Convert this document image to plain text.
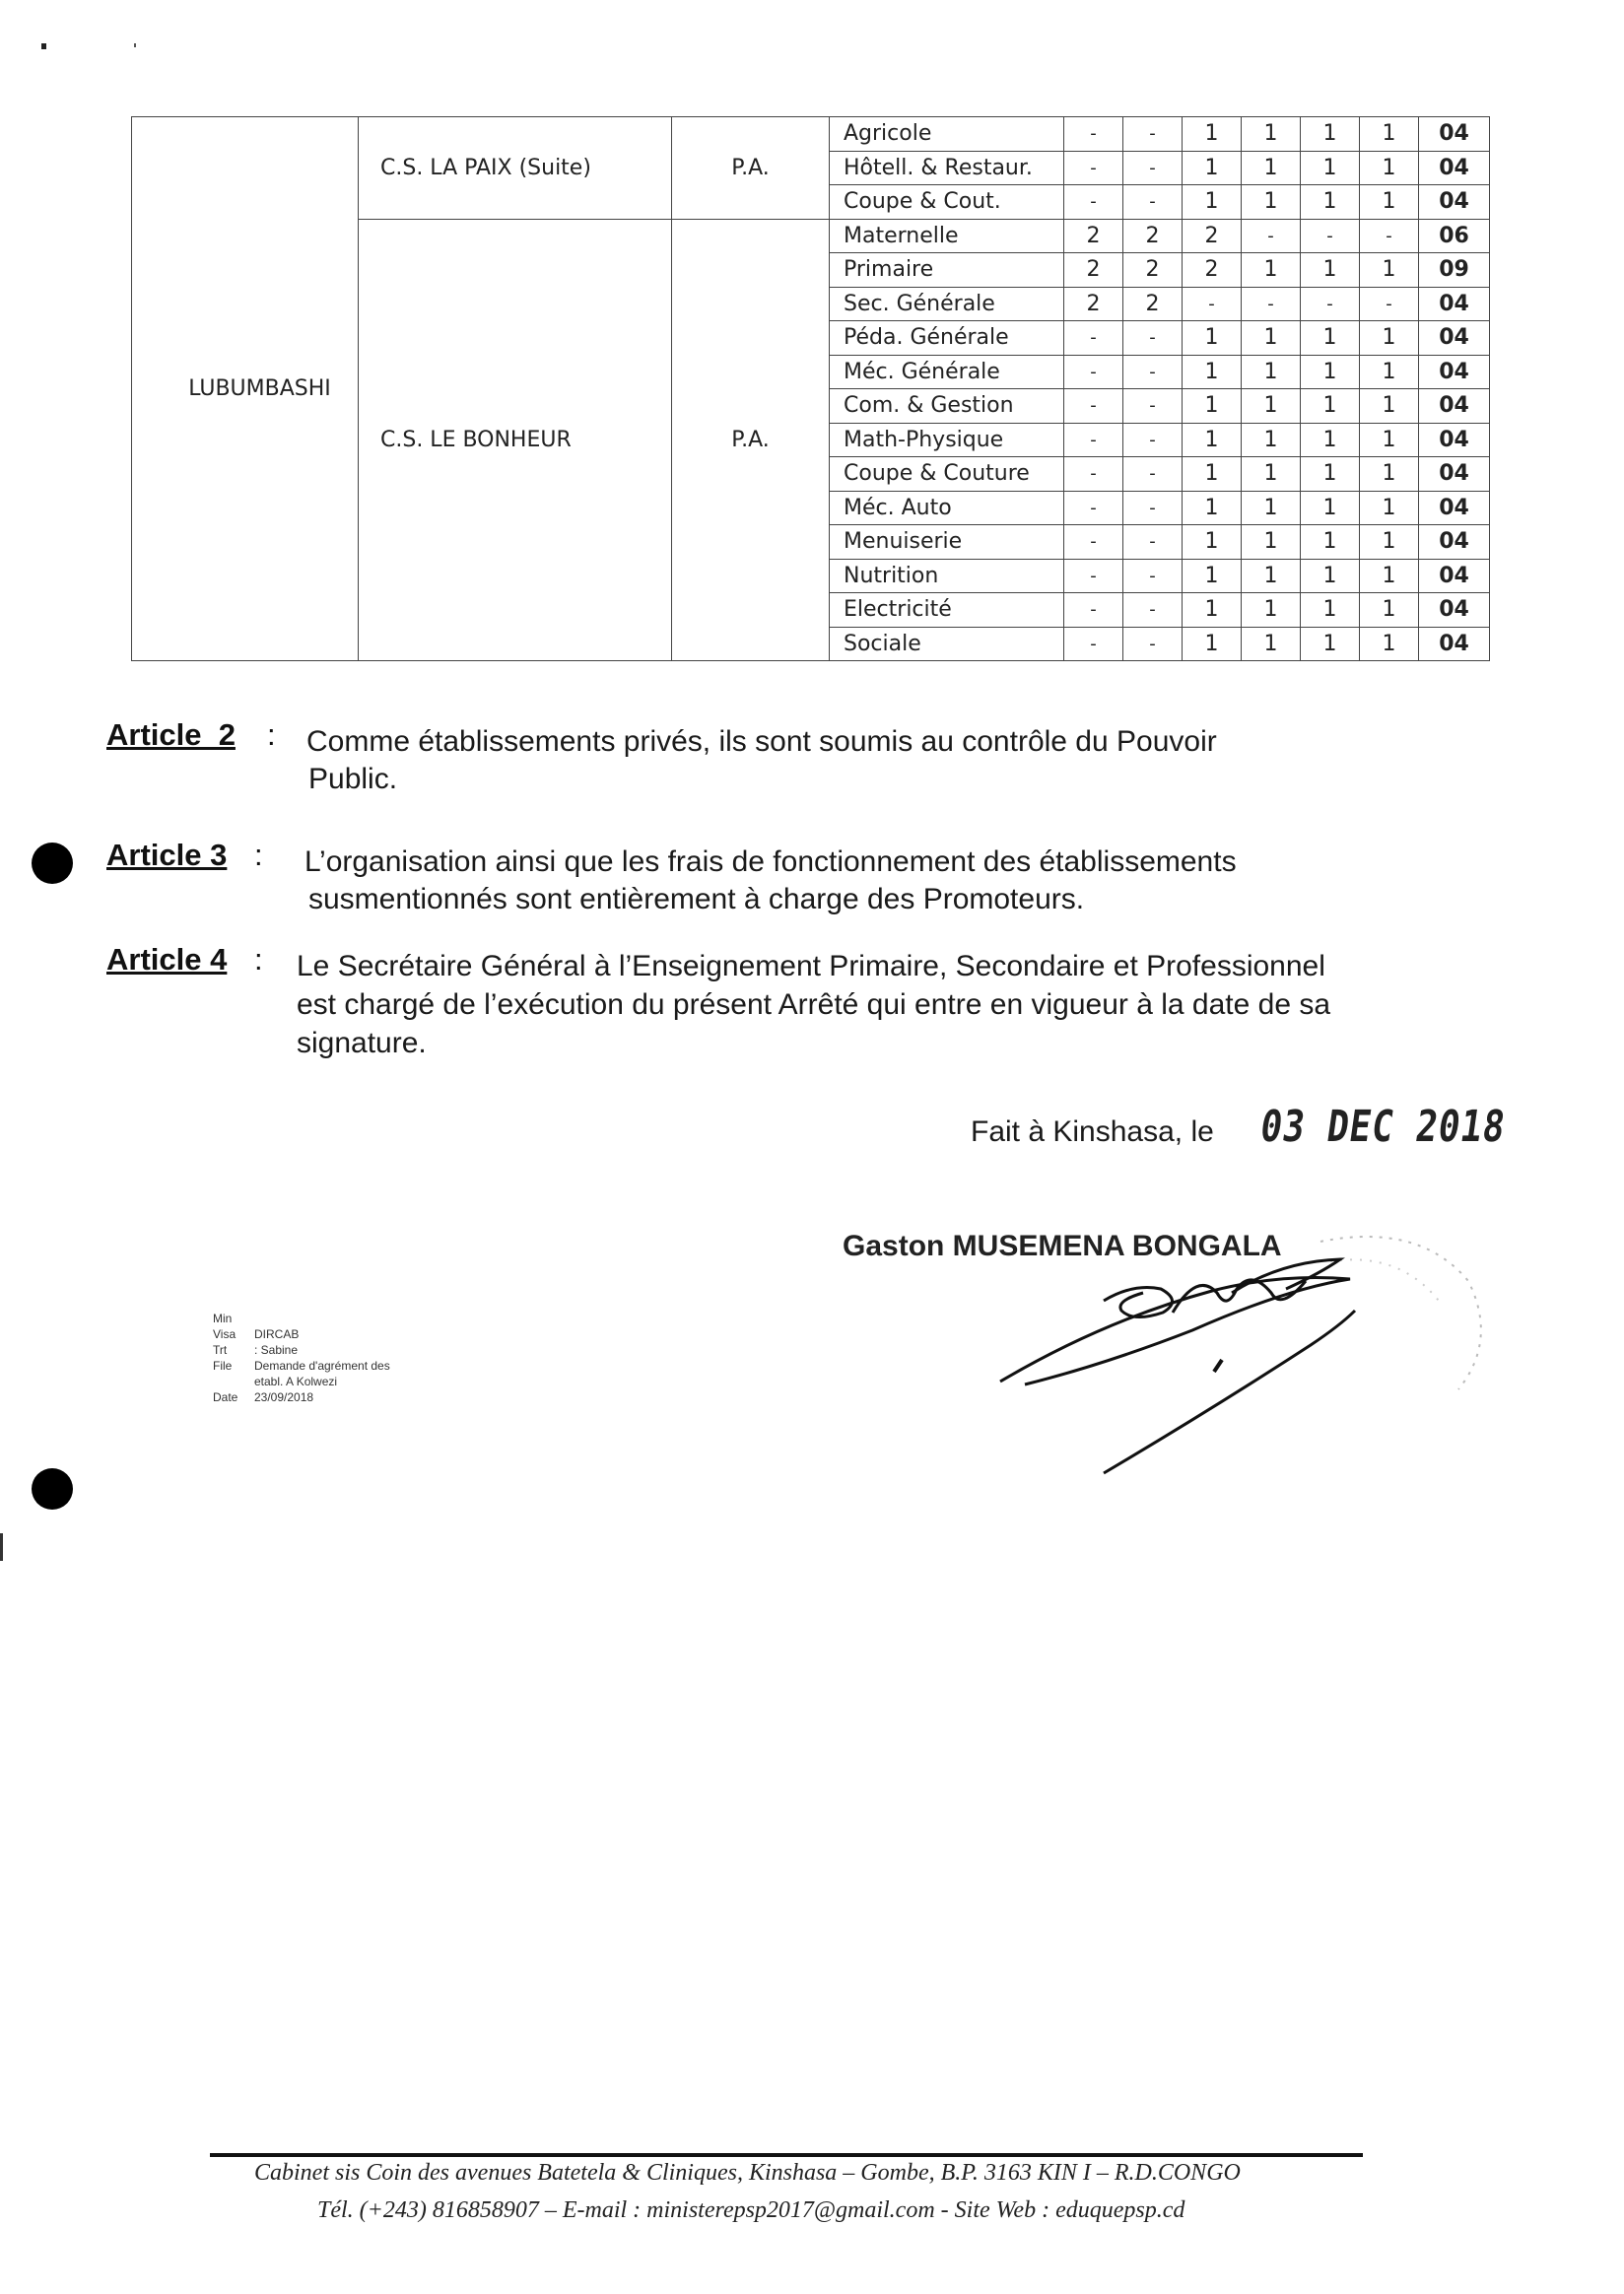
LUBUMBASHI	C.S. LA PAIX (Suite)	P.A.	Agricole	-	-	1	1	1	1	04
			Hôtell. & Restaur.	-	-	1	1	1	1	04
			Coupe & Cout.	-	-	1	1	1	1	04
	C.S. LE BONHEUR	P.A.	Maternelle	2	2	2	-	-	-	06
			Primaire	2	2	2	1	1	1	09
			Sec. Générale	2	2	-	-	-	-	04
			Péda. Générale	-	-	1	1	1	1	04
			Méc. Générale	-	-	1	1	1	1	04
			Com. & Gestion	-	-	1	1	1	1	04
			Math-Physique	-	-	1	1	1	1	04
			Coupe & Couture	-	-	1	1	1	1	04
			Méc. Auto	-	-	1	1	1	1	04
			Menuiserie	-	-	1	1	1	1	04
			Nutrition	-	-	1	1	1	1	04
			Electricité	-	-	1	1	1	1	04
			Sociale	-	-	1	1	1	1	04
Article  2 : Comme établissements privés, ils sont soumis au contrôle du Pouvoir
Public.
Article 3 : L’organisation ainsi que les frais de fonctionnement des établissements
susmentionnés sont entièrement à charge des Promoteurs.
Article 4 : Le Secrétaire Général à l’Enseignement Primaire, Secondaire et Professionnel
est chargé de l’exécution du présent Arrêté qui entre en vigueur à la date de sa
signature.
Fait à Kinshasa, le 03 DEC 2018
Gaston MUSEMENA BONGALA
Min
Visa DIRCAB
Trt : Sabine
File Demande d'agrément des
etabl. A Kolwezi
Date 23/09/2018
Cabinet sis Coin des avenues Batetela & Cliniques, Kinshasa – Gombe, B.P. 3163 KIN I – R.D.CONGO
Tél. (+243) 816858907 – E-mail : ministerepsp2017@gmail.com - Site Web : eduquepsp.cd
